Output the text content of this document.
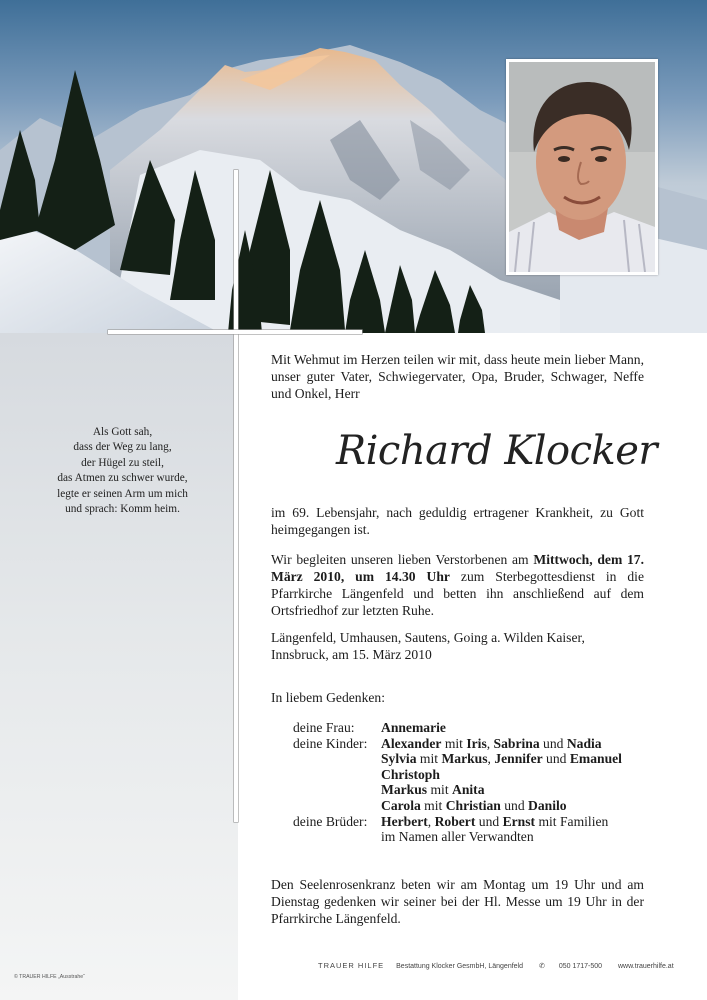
Als Gott sah,
dass der Weg zu lang,
der Hügel zu steil,
das Atmen zu schwer wurde,
legte er seinen Arm um mich
und sprach: Komm heim.

Mit Wehmut im Herzen teilen wir mit, dass heute mein lieber Mann, unser guter Vater, Schwiegervater, Opa, Bruder, Schwager, Neffe und Onkel, Herr

Richard Klocker

im 69. Lebensjahr, nach geduldig ertragener Krankheit, zu Gott heimgegangen ist.

Wir begleiten unseren lieben Verstorbenen am Mittwoch, dem 17. März 2010, um 14.30 Uhr zum Sterbegottesdienst in die Pfarrkirche Längenfeld und betten ihn anschließend auf dem Ortsfriedhof zur letzten Ruhe.

Längenfeld, Umhausen, Sautens, Going a. Wilden Kaiser,

Innsbruck, am 15. März 2010

In liebem Gedenken:

deine Frau:	Annemarie
deine Kinder:	Alexander mit Iris, Sabrina und Nadia
Sylvia mit Markus, Jennifer und Emanuel
Christoph
Markus mit Anita
Carola mit Christian und Danilo
deine Brüder:	Herbert, Robert und Ernst mit Familien
im Namen aller Verwandten

Den Seelenrosenkranz beten wir am Montag um 19 Uhr und am Dienstag gedenken wir seiner bei der Hl. Messe um 19 Uhr in der Pfarrkirche Längenfeld.

TRAUER HILFE Bestattung Klocker GesmbH, Längenfeld ✆ 050 1717-500 www.trauerhilfe.at
© TRAUER HILFE „Ausstrahe“
